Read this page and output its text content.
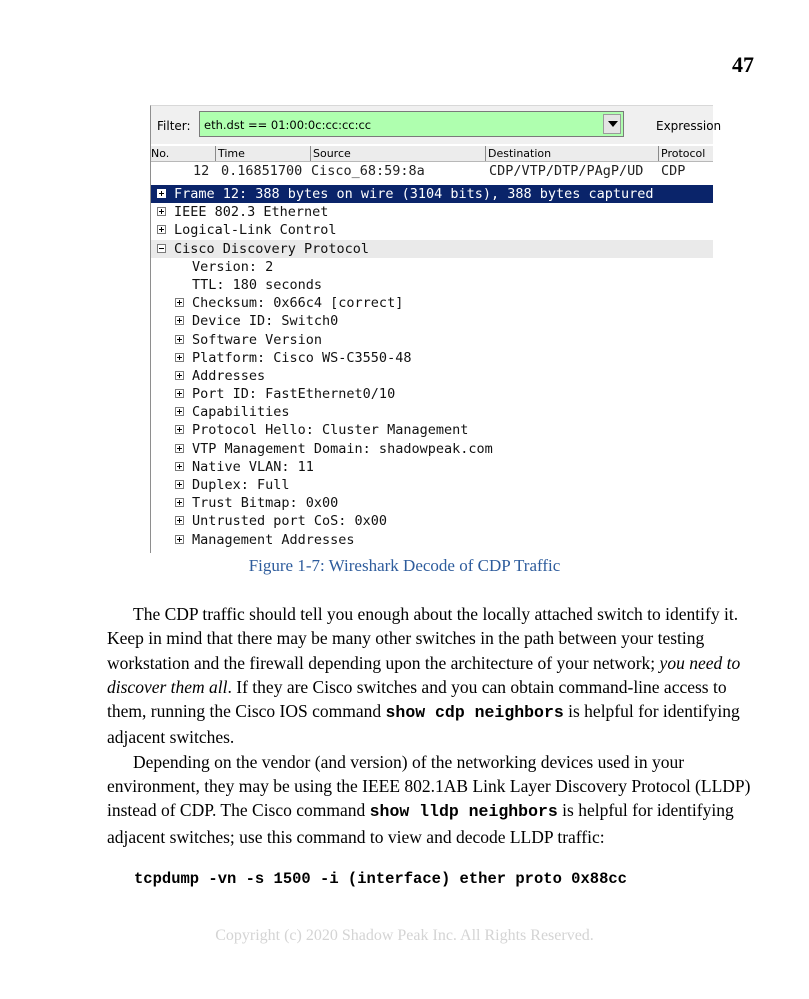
47
Filter: eth.dst == 01:00:0c:cc:cc:cc	Expression
No.	Time	Source	Destination	Protocol
12 0.16851700 Cisco_68:59:8a	CDP/VTP/DTP/PAgP/UD CDP
Frame 12: 388 bytes on wire (3104 bits), 388 bytes captured
IEEE 802.3 Ethernet
Logical-Link Control
Cisco Discovery Protocol
Version: 2
TTL: 180 seconds
Checksum: 0x66c4 [correct]
Device ID: Switch0
Software Version
Platform: Cisco WS-C3550-48
Addresses
Port ID: FastEthernet0/10
Capabilities
Protocol Hello: Cluster Management
VTP Management Domain: shadowpeak.com
Native VLAN: 11
Duplex: Full
Trust Bitmap: 0x00
Untrusted port CoS: 0x00
Management Addresses
Figure 1-7: Wireshark Decode of CDP Traffic

The CDP traffic should tell you enough about the locally attached switch to identify it. Keep in mind that there may be many other switches in the path between your testing workstation and the firewall depending upon the architecture of your network; you need to discover them all. If they are Cisco switches and you can obtain command-line access to them, running the Cisco IOS command show cdp neighbors is helpful for identifying adjacent switches.

Depending on the vendor (and version) of the networking devices used in your environment, they may be using the IEEE 802.1AB Link Layer Discovery Protocol (LLDP) instead of CDP. The Cisco command show lldp neighbors is helpful for identifying adjacent switches; use this command to view and decode LLDP traffic:

tcpdump -vn -s 1500 -i (interface) ether proto 0x88cc
Copyright (c) 2020 Shadow Peak Inc. All Rights Reserved.
